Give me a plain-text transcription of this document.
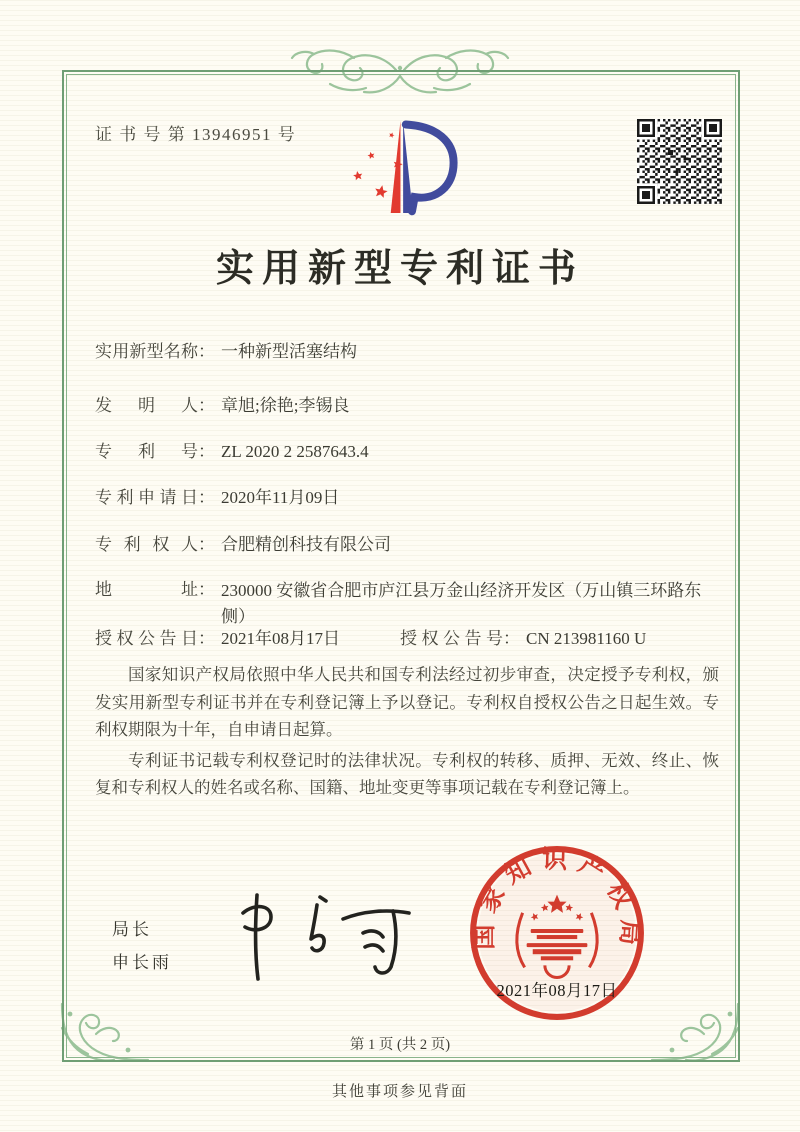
证 书 号 第 13946951 号
实用新型专利证书
实用新型名称： 一种新型活塞结构
发明人： 章旭;徐艳;李锡良
专利号： ZL 2020 2 2587643.4
专利申请日： 2020年11月09日
专利权人： 合肥精创科技有限公司
地址： 230000 安徽省合肥市庐江县万金山经济开发区（万山镇三环路东侧）
授权公告日： 2021年08月17日	授权公告号： CN 213981160 U

国家知识产权局依照中华人民共和国专利法经过初步审查，决定授予专利权，颁发实用新型专利证书并在专利登记簿上予以登记。专利权自授权公告之日起生效。专利权期限为十年，自申请日起算。

专利证书记载专利权登记时的法律状况。专利权的转移、质押、无效、终止、恢复和专利权人的姓名或名称、国籍、地址变更等事项记载在专利登记簿上。

局长
申长雨
国家知识产权局
2021年08月17日
第 1 页 (共 2 页)
其他事项参见背面
